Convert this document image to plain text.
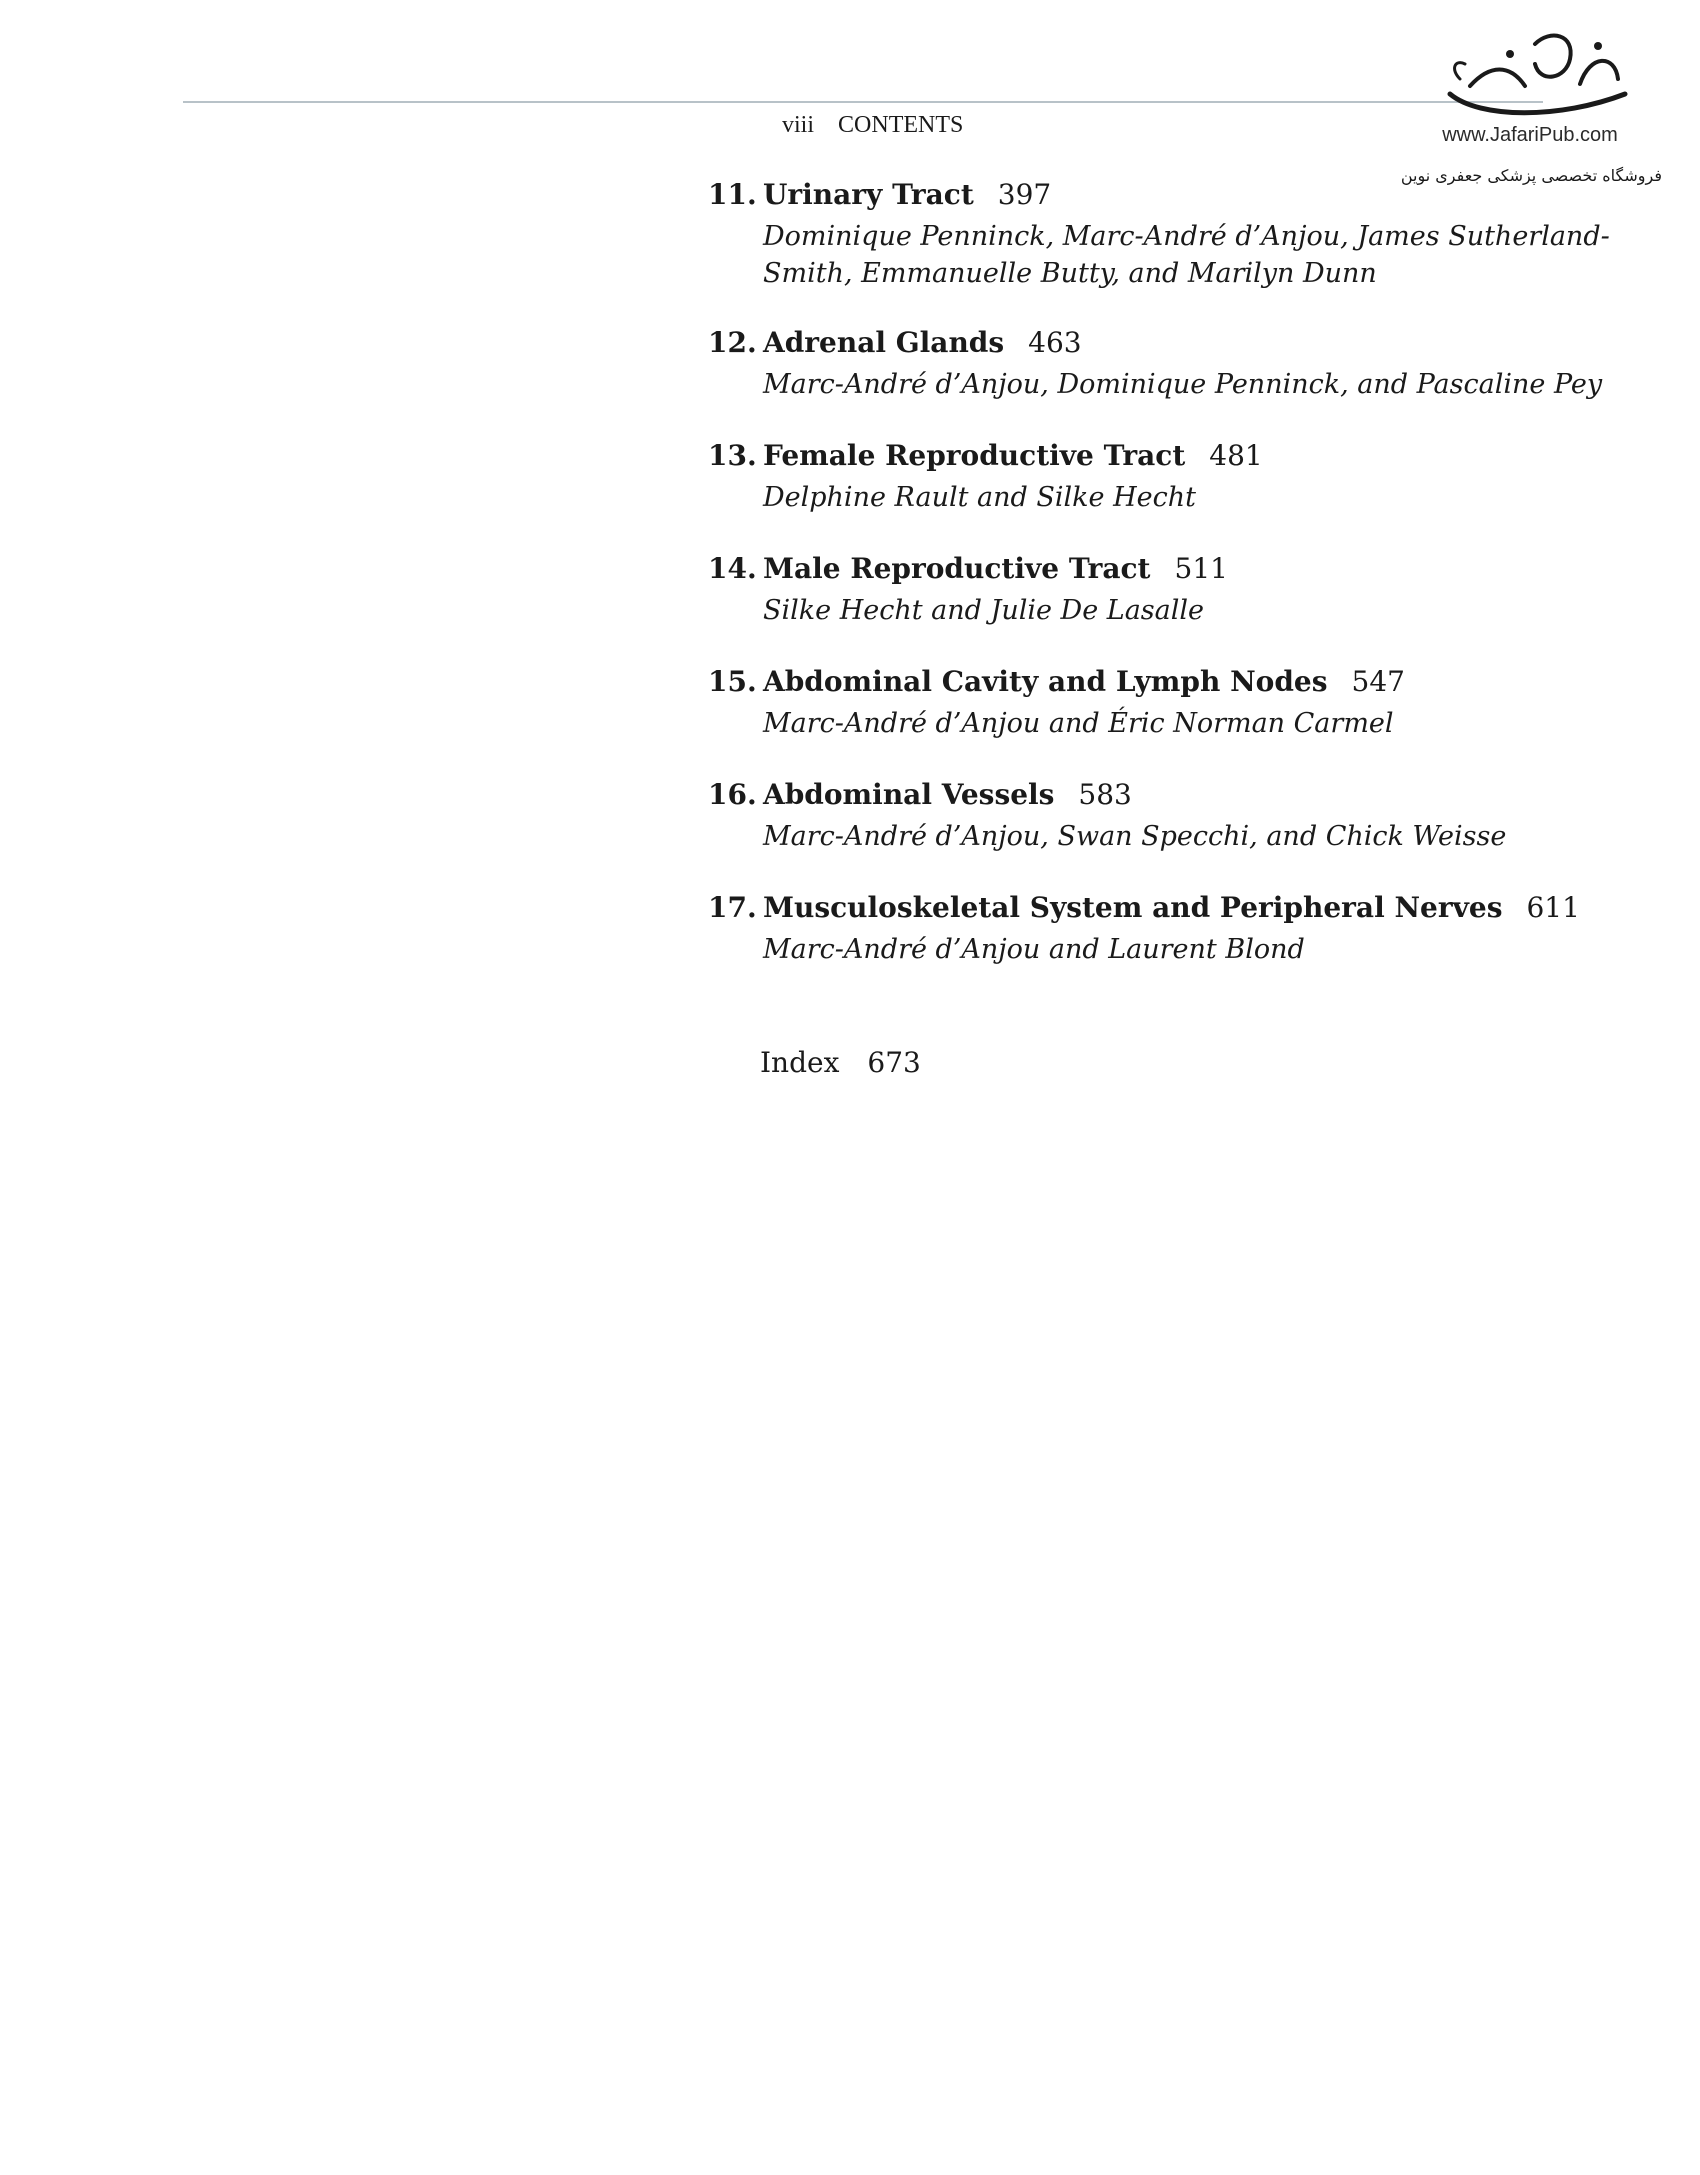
viii CONTENTS	www.JafariPub.com
فروشگاه تخصصی پزشکی جعفری نوین
11. Urinary Tract 397
Dominique Penninck, Marc-André d’Anjou, James Sutherland-Smith, Emmanuelle Butty, and Marilyn Dunn
12. Adrenal Glands 463
Marc-André d’Anjou, Dominique Penninck, and Pascaline Pey
13. Female Reproductive Tract 481
Delphine Rault and Silke Hecht
14. Male Reproductive Tract 511
Silke Hecht and Julie De Lasalle
15. Abdominal Cavity and Lymph Nodes 547
Marc-André d’Anjou and Éric Norman Carmel
16. Abdominal Vessels 583
Marc-André d’Anjou, Swan Specchi, and Chick Weisse
17. Musculoskeletal System and Peripheral Nerves 611
Marc-André d’Anjou and Laurent Blond
Index 673
